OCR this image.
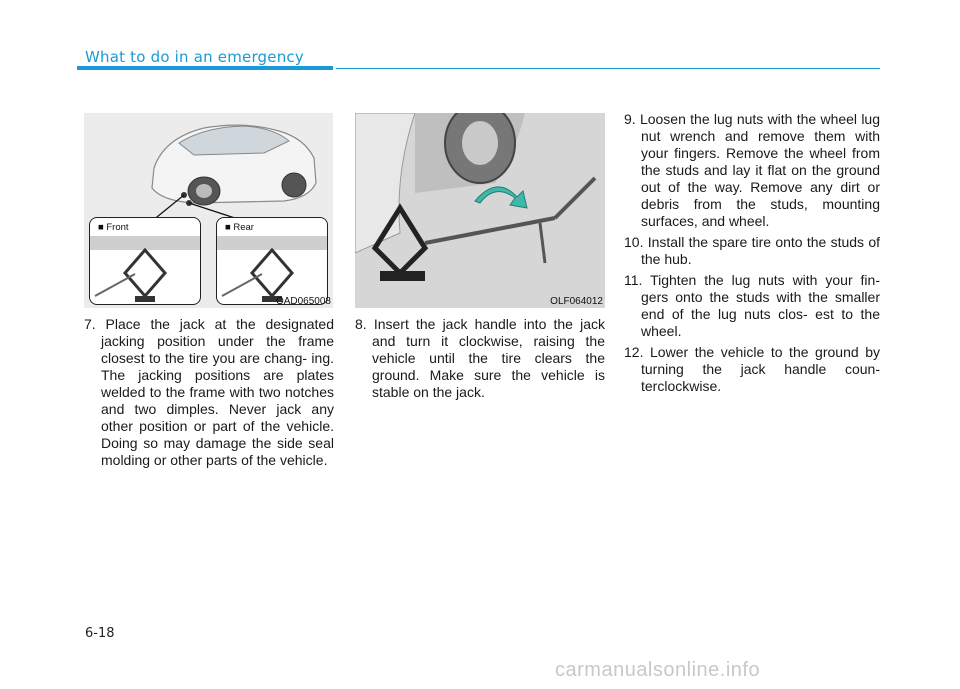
What to do in an emergency
■ Front	■ Rear
OAD065008	OLF064012

7. Place the jack at the designated jacking position under the frame closest to the tire you are chang- ing. The jacking positions are plates welded to the frame with two notches and two dimples. Never jack any other position or part of the vehicle. Doing so may damage the side seal molding or other parts of the vehicle.

8. Insert the jack handle into the jack and turn it clockwise, raising the vehicle until the tire clears the ground. Make sure the vehicle is stable on the jack.

9. Loosen the lug nuts with the wheel lug nut wrench and remove them with your fingers. Remove the wheel from the studs and lay it flat on the ground out of the way. Remove any dirt or debris from the studs, mounting surfaces, and wheel.

10. Install the spare tire onto the studs of the hub.

11. Tighten the lug nuts with your fin- gers onto the studs with the smaller end of the lug nuts clos- est to the wheel.

12. Lower the vehicle to the ground by turning the jack handle coun- terclockwise.

6-18
carmanualsonline.info
